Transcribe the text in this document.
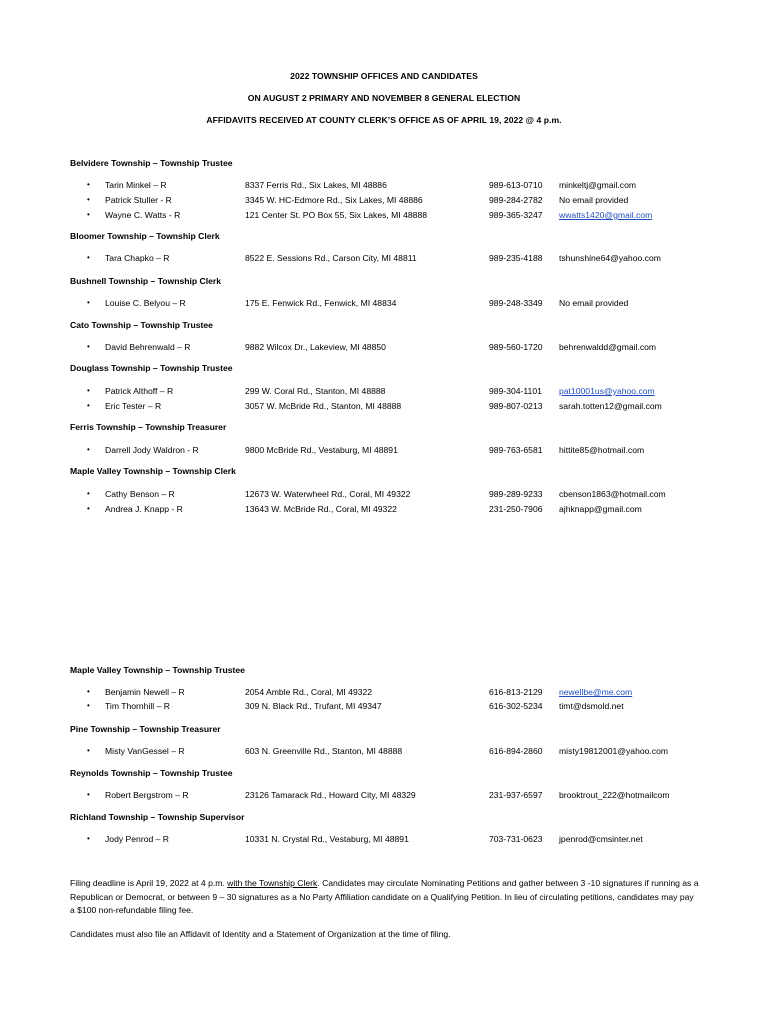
2022 TOWNSHIP OFFICES AND CANDIDATES
ON AUGUST 2 PRIMARY AND NOVEMBER 8 GENERAL ELECTION
AFFIDAVITS RECEIVED AT COUNTY CLERK’S OFFICE AS OF APRIL 19, 2022 @ 4 p.m.
Belvidere Township – Township Trustee
• Tarin Minkel – R	8337 Ferris Rd., Six Lakes, MI 48886	989-613-0710 minkeltj@gmail.com
• Patrick Stuller - R	3345 W. HC-Edmore Rd., Six Lakes, MI 48886	989-284-2782 No email provided
• Wayne C. Watts - R	121 Center St. PO Box 55, Six Lakes, MI 48888	989-365-3247 wwatts1420@gmail.com
Bloomer Township – Township Clerk
• Tara Chapko – R	8522 E. Sessions Rd., Carson City, MI 48811	989-235-4188 tshunshine64@yahoo.com
Bushnell Township – Township Clerk
• Louise C. Belyou – R	175 E. Fenwick Rd., Fenwick, MI 48834	989-248-3349 No email provided
Cato Township – Township Trustee
• David Behrenwald – R	9882 Wilcox Dr., Lakeview, MI 48850	989-560-1720 behrenwaldd@gmail.com
Douglass Township – Township Trustee
• Patrick Althoff – R	299 W. Coral Rd., Stanton, MI 48888	989-304-1101 pat10001us@yahoo.com
• Eric Tester – R	3057 W. McBride Rd., Stanton, MI 48888	989-807-0213 sarah.totten12@gmail.com
Ferris Township – Township Treasurer
• Darrell Jody Waldron - R	9800 McBride Rd., Vestaburg, MI 48891	989-763-6581 hittite85@hotmail.com
Maple Valley Township – Township Clerk
• Cathy Benson – R	12673 W. Waterwheel Rd., Coral, MI 49322	989-289-9233 cbenson1863@hotmail.com
• Andrea J. Knapp - R	13643 W. McBride Rd., Coral, MI 49322	231-250-7906 ajhknapp@gmail.com
Maple Valley Township – Township Trustee
• Benjamin Newell – R	2054 Amble Rd., Coral, MI 49322	616-813-2129 newellbe@me.com
• Tim Thornhill – R	309 N. Black Rd., Trufant, MI 49347	616-302-5234 timt@dsmold.net
Pine Township – Township Treasurer
• Misty VanGessel – R	603 N. Greenville Rd., Stanton, MI 48888	616-894-2860 misty19812001@yahoo.com
Reynolds Township – Township Trustee
• Robert Bergstrom – R	23126 Tamarack Rd., Howard City, MI 48329	231-937-6597 brooktrout_222@hotmailcom
Richland Township – Township Supervisor
• Jody Penrod – R	10331 N. Crystal Rd., Vestaburg, MI 48891	703-731-0623 jpenrod@cmsinter.net
Filing deadline is April 19, 2022 at 4 p.m. with the Township Clerk. Candidates may circulate Nominating Petitions and gather between 3 -10 signatures if running as a Republican or Democrat, or between 9 – 30 signatures as a No Party Affiliation candidate on a Qualifying Petition. In lieu of circulating petitions, candidates may pay a $100 non-refundable filing fee.
Candidates must also file an Affidavit of Identity and a Statement of Organization at the time of filing.
